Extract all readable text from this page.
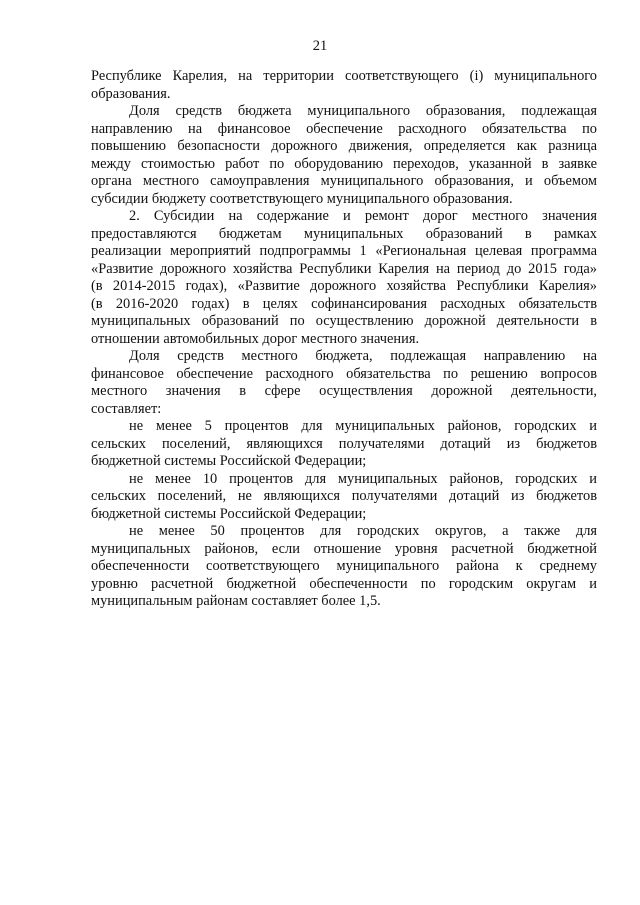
21
Республике Карелия, на территории соответствующего (i) муниципального
образования.
Доля средств бюджета муниципального образования, подлежащая
направлению на финансовое обеспечение расходного обязательства по
повышению безопасности дорожного движения, определяется как разница
между стоимостью работ по оборудованию переходов, указанной в заявке
органа местного самоуправления муниципального образования, и объемом
субсидии бюджету соответствующего муниципального образования.
2. Субсидии на содержание и ремонт дорог местного значения
предоставляются бюджетам муниципальных образований в рамках
реализации мероприятий подпрограммы 1 «Региональная целевая программа
«Развитие дорожного хозяйства Республики Карелия на период до 2015 года»
(в 2014-2015 годах), «Развитие дорожного хозяйства Республики Карелия»
(в 2016-2020 годах) в целях софинансирования расходных обязательств
муниципальных образований по осуществлению дорожной деятельности в
отношении автомобильных дорог местного значения.
Доля средств местного бюджета, подлежащая направлению на
финансовое обеспечение расходного обязательства по решению вопросов
местного значения в сфере осуществления дорожной деятельности,
составляет:
не менее 5 процентов для муниципальных районов, городских и
сельских поселений, являющихся получателями дотаций из бюджетов
бюджетной системы Российской Федерации;
не менее 10 процентов для муниципальных районов, городских и
сельских поселений, не являющихся получателями дотаций из бюджетов
бюджетной системы Российской Федерации;
не менее 50 процентов для городских округов, а также для
муниципальных районов, если отношение уровня расчетной бюджетной
обеспеченности соответствующего муниципального района к среднему
уровню расчетной бюджетной обеспеченности по городским округам и
муниципальным районам составляет более 1,5.
